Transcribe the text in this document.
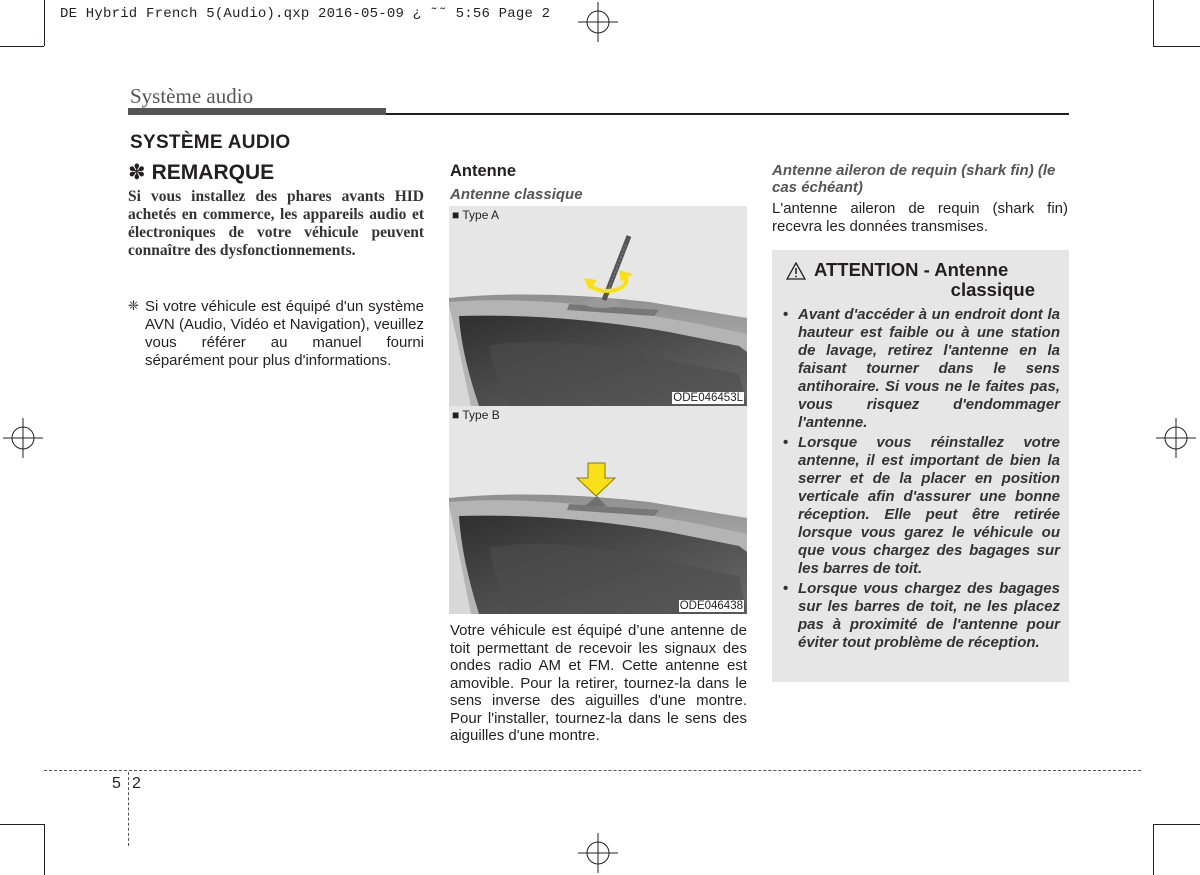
DE Hybrid French 5(Audio).qxp 2016-05-09 ¿ ˜˜ 5:56 Page 2
Système audio
SYSTÈME AUDIO
✽ REMARQUE
Si vous installez des phares avants HID achetés en commerce, les appareils audio et électroniques de votre véhicule peuvent connaître des dysfonctionnements.
❈ Si votre véhicule est équipé d'un système AVN (Audio, Vidéo et Navigation), veuillez vous référer au manuel fourni séparément pour plus d'informations.
Antenne
Antenne classique
■ Type A
ODE046453L
■ Type B
ODE046438
Votre véhicule est équipé d’une antenne de toit permettant de recevoir les signaux des ondes radio AM et FM. Cette antenne est amovible. Pour la retirer, tournez-la dans le sens inverse des aiguilles d'une montre. Pour l'installer, tournez-la dans le sens des aiguilles d'une montre.
Antenne aileron de requin (shark fin) (le cas échéant)
L'antenne aileron de requin (shark fin) recevra les données transmises.
ATTENTION - Antenne
classique
• Avant d'accéder à un endroit dont la hauteur est faible ou à une station de lavage, retirez l'antenne en la faisant tourner dans le sens antihoraire. Si vous ne le faites pas, vous risquez d'endommager l'antenne.
• Lorsque vous réinstallez votre antenne, il est important de bien la serrer et de la placer en position verticale afin d'assurer une bonne réception. Elle peut être retirée lorsque vous garez le véhicule ou que vous chargez des bagages sur les barres de toit.
• Lorsque vous chargez des bagages sur les barres de toit, ne les placez pas à proximité de l'antenne pour éviter tout problème de réception.
5 2
